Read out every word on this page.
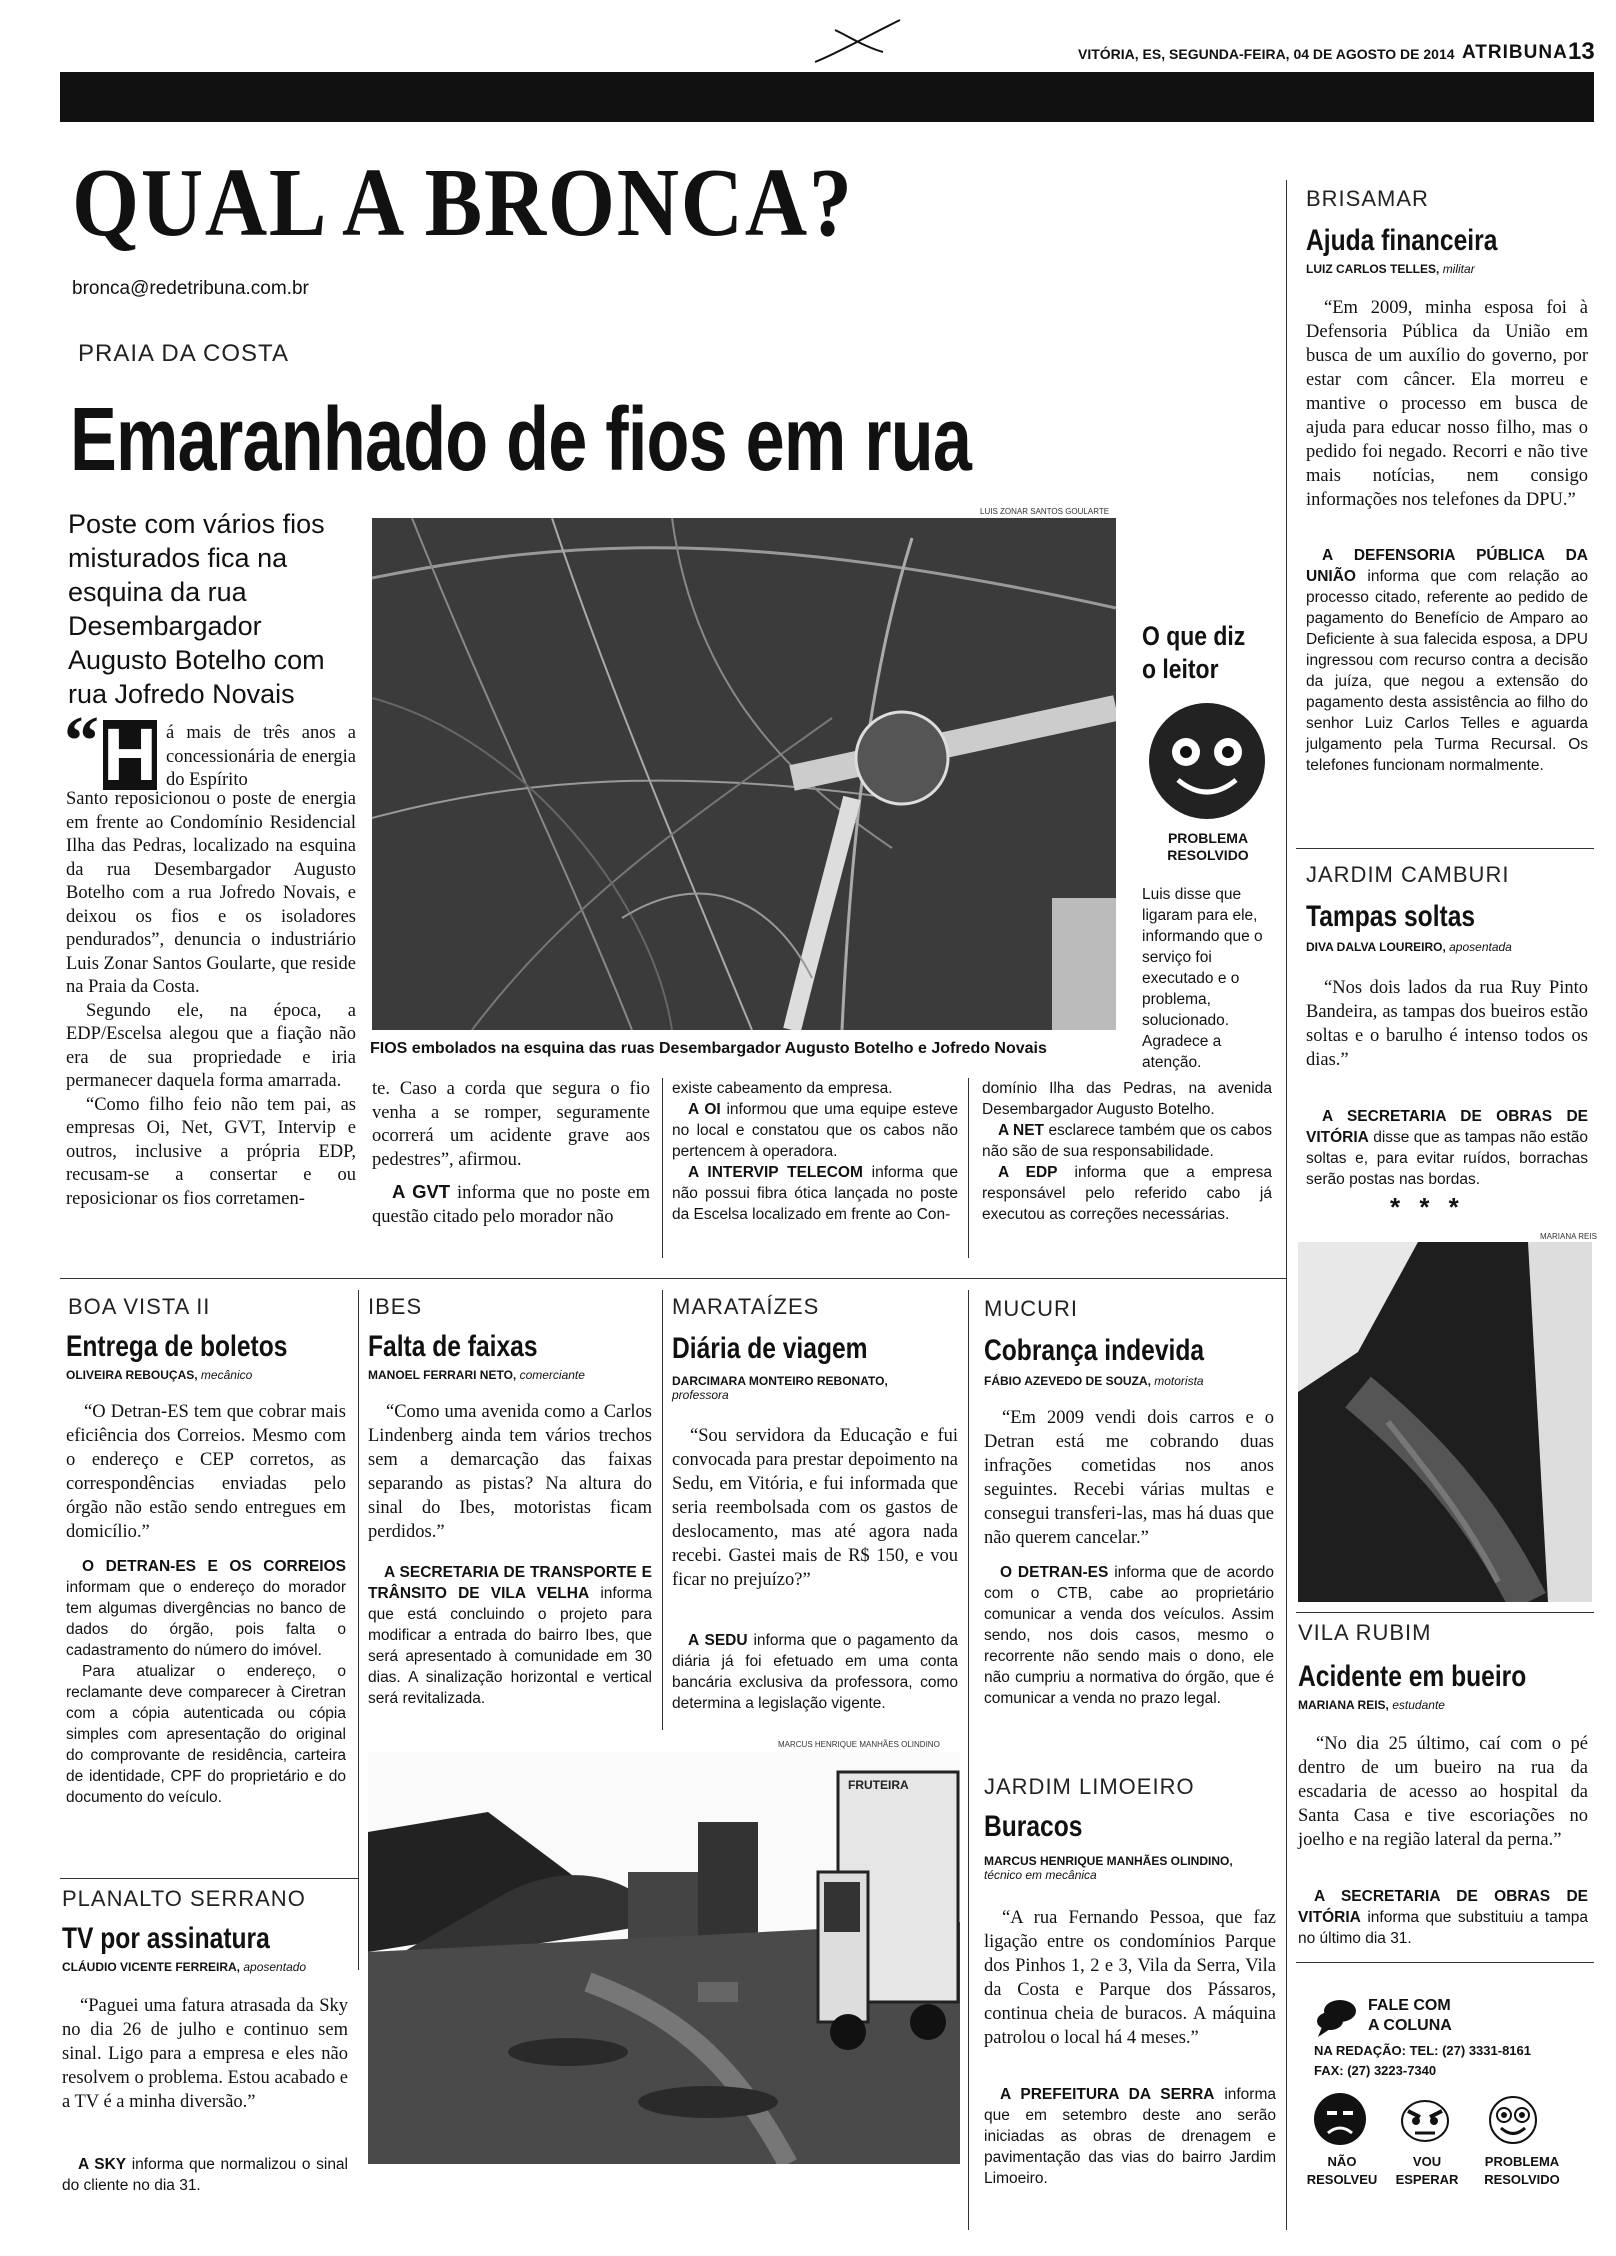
VITÓRIA, ES, SEGUNDA-FEIRA, 04 DE AGOSTO DE 2014 ATRIBUNA 13
QUAL A BRONCA?
bronca@redetribuna.com.br
PRAIA DA COSTA
Emaranhado de fios em rua
Poste com vários fios misturados fica na esquina da rua Desembargador Augusto Botelho com rua Jofredo Novais
H
“	á mais de três anos a concessionária de energia do Espírito

Santo reposicionou o poste de energia em frente ao Condomínio Residencial Ilha das Pedras, localizado na esquina da rua Desembargador Augusto Botelho com a rua Jofredo Novais, e deixou os fios e os isoladores pendurados”, denuncia o industriário Luis Zonar Santos Goularte, que reside na Praia da Costa.

Segundo ele, na época, a EDP/Escelsa alegou que a fiação não era de sua propriedade e iria permanecer daquela forma amarrada.

“Como filho feio não tem pai, as empresas Oi, Net, GVT, Intervip e outros, inclusive a própria EDP, recusam-se a consertar e ou reposicionar os fios corretamen-

LUIS ZONAR SANTOS GOULARTE
FIOS embolados na esquina das ruas Desembargador Augusto Botelho e Jofredo Novais
O que diz o leitor
PROBLEMA RESOLVIDO
Luis disse que ligaram para ele, informando que o serviço foi executado e o problema, solucionado. Agradece a atenção.

te. Caso a corda que segura o fio venha a se romper, seguramente ocorrerá um acidente grave aos pedestres”, afirmou.

A GVT informa que no poste em questão citado pelo morador não

existe cabeamento da empresa.

A OI informou que uma equipe esteve no local e constatou que os cabos não pertencem à operadora.

A INTERVIP TELECOM informa que não possui fibra ótica lançada no poste da Escelsa localizado em frente ao Con-

domínio Ilha das Pedras, na avenida Desembargador Augusto Botelho.

A NET esclarece também que os cabos não são de sua responsabilidade.

A EDP informa que a empresa responsável pelo referido cabo já executou as correções necessárias.

BRISAMAR
Ajuda financeira
LUIZ CARLOS TELLES, militar
“Em 2009, minha esposa foi à Defensoria Pública da União em busca de um auxílio do governo, por estar com câncer. Ela morreu e mantive o processo em busca de ajuda para educar nosso filho, mas o pedido foi negado. Recorri e não tive mais notícias, nem consigo informações nos telefones da DPU.”
A DEFENSORIA PÚBLICA DA UNIÃO informa que com relação ao processo citado, referente ao pedido de pagamento do Benefício de Amparo ao Deficiente à sua falecida esposa, a DPU ingressou com recurso contra a decisão da juíza, que negou a extensão do pagamento desta assistência ao filho do senhor Luiz Carlos Telles e aguarda julgamento pela Turma Recursal. Os telefones funcionam normalmente.
JARDIM CAMBURI
Tampas soltas
DIVA DALVA LOUREIRO, aposentada
“Nos dois lados da rua Ruy Pinto Bandeira, as tampas dos bueiros estão soltas e o barulho é intenso todos os dias.”
A SECRETARIA DE OBRAS DE VITÓRIA disse que as tampas não estão soltas e, para evitar ruídos, borrachas serão postas nas bordas.
* * *
MARIANA REIS
VILA RUBIM
Acidente em bueiro
MARIANA REIS, estudante
“No dia 25 último, caí com o pé dentro de um bueiro na rua da escadaria de acesso ao hospital da Santa Casa e tive escoriações no joelho e na região lateral da perna.”
A SECRETARIA DE OBRAS DE VITÓRIA informa que substituiu a tampa no último dia 31.
FALE COM
A COLUNA
NA REDAÇÃO: TEL: (27) 3331-8161
FAX: (27) 3223-7340
NÃO RESOLVEU
VOU ESPERAR
PROBLEMA RESOLVIDO
BOA VISTA II
Entrega de boletos
OLIVEIRA REBOUÇAS, mecânico
“O Detran-ES tem que cobrar mais eficiência dos Correios. Mesmo com o endereço e CEP corretos, as correspondências enviadas pelo órgão não estão sendo entregues em domicílio.”

O DETRAN-ES E OS CORREIOS informam que o endereço do morador tem algumas divergências no banco de dados do órgão, pois falta o cadastramento do número do imóvel.

Para atualizar o endereço, o reclamante deve comparecer à Ciretran com a cópia autenticada ou cópia simples com apresentação do original do comprovante de residência, carteira de identidade, CPF do proprietário e do documento do veículo.

PLANALTO SERRANO
TV por assinatura
CLÁUDIO VICENTE FERREIRA, aposentado
“Paguei uma fatura atrasada da Sky no dia 26 de julho e continuo sem sinal. Ligo para a empresa e eles não resolvem o problema. Estou acabado e a TV é a minha diversão.”
A SKY informa que normalizou o sinal do cliente no dia 31.
IBES
Falta de faixas
MANOEL FERRARI NETO, comerciante
“Como uma avenida como a Carlos Lindenberg ainda tem vários trechos sem a demarcação das faixas separando as pistas? Na altura do sinal do Ibes, motoristas ficam perdidos.”
A SECRETARIA DE TRANSPORTE E TRÂNSITO DE VILA VELHA informa que está concluindo o projeto para modificar a entrada do bairro Ibes, que será apresentado à comunidade em 30 dias. A sinalização horizontal e vertical será revitalizada.
MARATAÍZES
Diária de viagem
DARCIMARA MONTEIRO REBONATO,
professora
“Sou servidora da Educação e fui convocada para prestar depoimento na Sedu, em Vitória, e fui informada que seria reembolsada com os gastos de deslocamento, mas até agora nada recebi. Gastei mais de R$ 150, e vou ficar no prejuízo?”
A SEDU informa que o pagamento da diária já foi efetuado em uma conta bancária exclusiva da professora, como determina a legislação vigente.
MUCURI
Cobrança indevida
FÁBIO AZEVEDO DE SOUZA, motorista
“Em 2009 vendi dois carros e o Detran está me cobrando duas infrações cometidas nos anos seguintes. Recebi várias multas e consegui transferi-las, mas há duas que não querem cancelar.”
O DETRAN-ES informa que de acordo com o CTB, cabe ao proprietário comunicar a venda dos veículos. Assim sendo, nos dois casos, mesmo o recorrente não sendo mais o dono, ele não cumpriu a normativa do órgão, que é comunicar a venda no prazo legal.
MARCUS HENRIQUE MANHÃES OLINDINO
FRUTEIRA	JARDIM LIMOEIRO
Buracos
MARCUS HENRIQUE MANHÃES OLINDINO,
técnico em mecânica
“A rua Fernando Pessoa, que faz ligação entre os condomínios Parque dos Pinhos 1, 2 e 3, Vila da Serra, Vila da Costa e Parque dos Pássaros, continua cheia de buracos. A máquina patrolou o local há 4 meses.”
A PREFEITURA DA SERRA informa que em setembro deste ano serão iniciadas as obras de drenagem e pavimentação das vias do bairro Jardim Limoeiro.
